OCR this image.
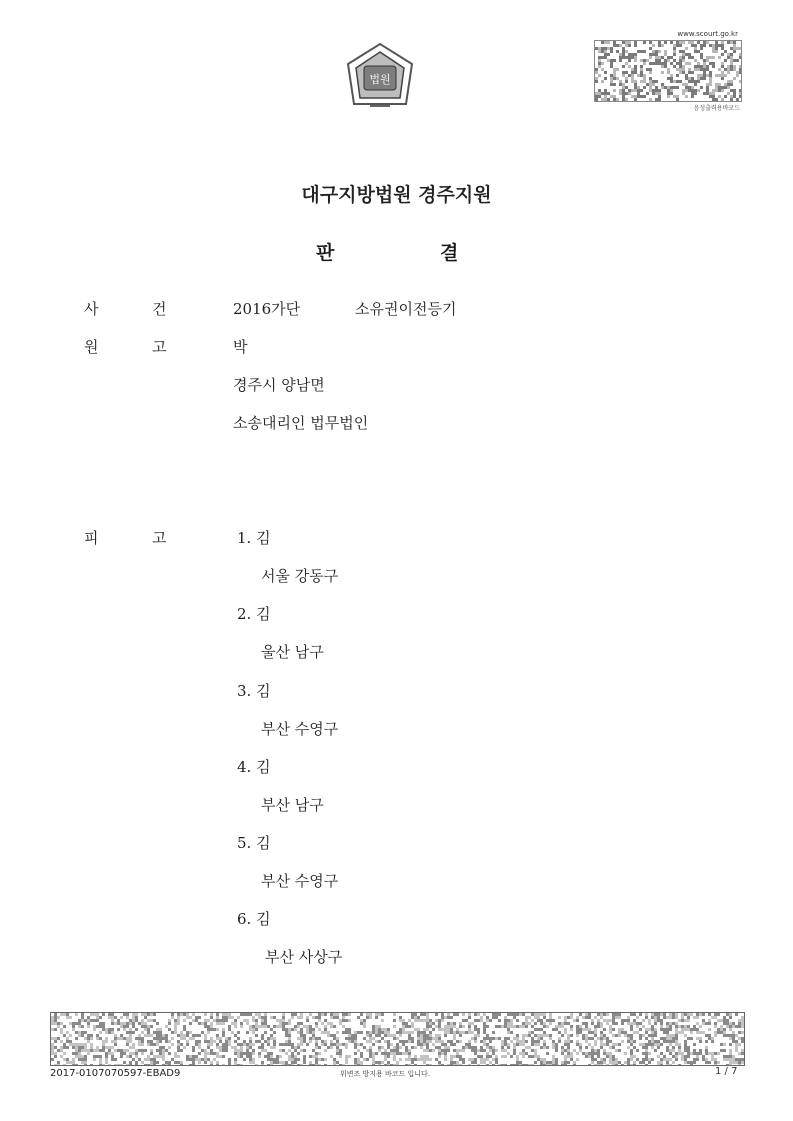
법원
www.scourt.go.kr
음성출력용바코드
대구지방법원 경주지원
판	결
사	건	2016가단	소유권이전등기
원	고	박
경주시 양남면
소송대리인 법무법인
피	고	1. 김
서울 강동구
2. 김
울산 남구
3. 김
부산 수영구
4. 김
부산 남구
5. 김
부산 수영구
6. 김
부산 사상구
2017-0107070597-EBAD9	위변조 방지용 바코드 입니다.	1 / 7
